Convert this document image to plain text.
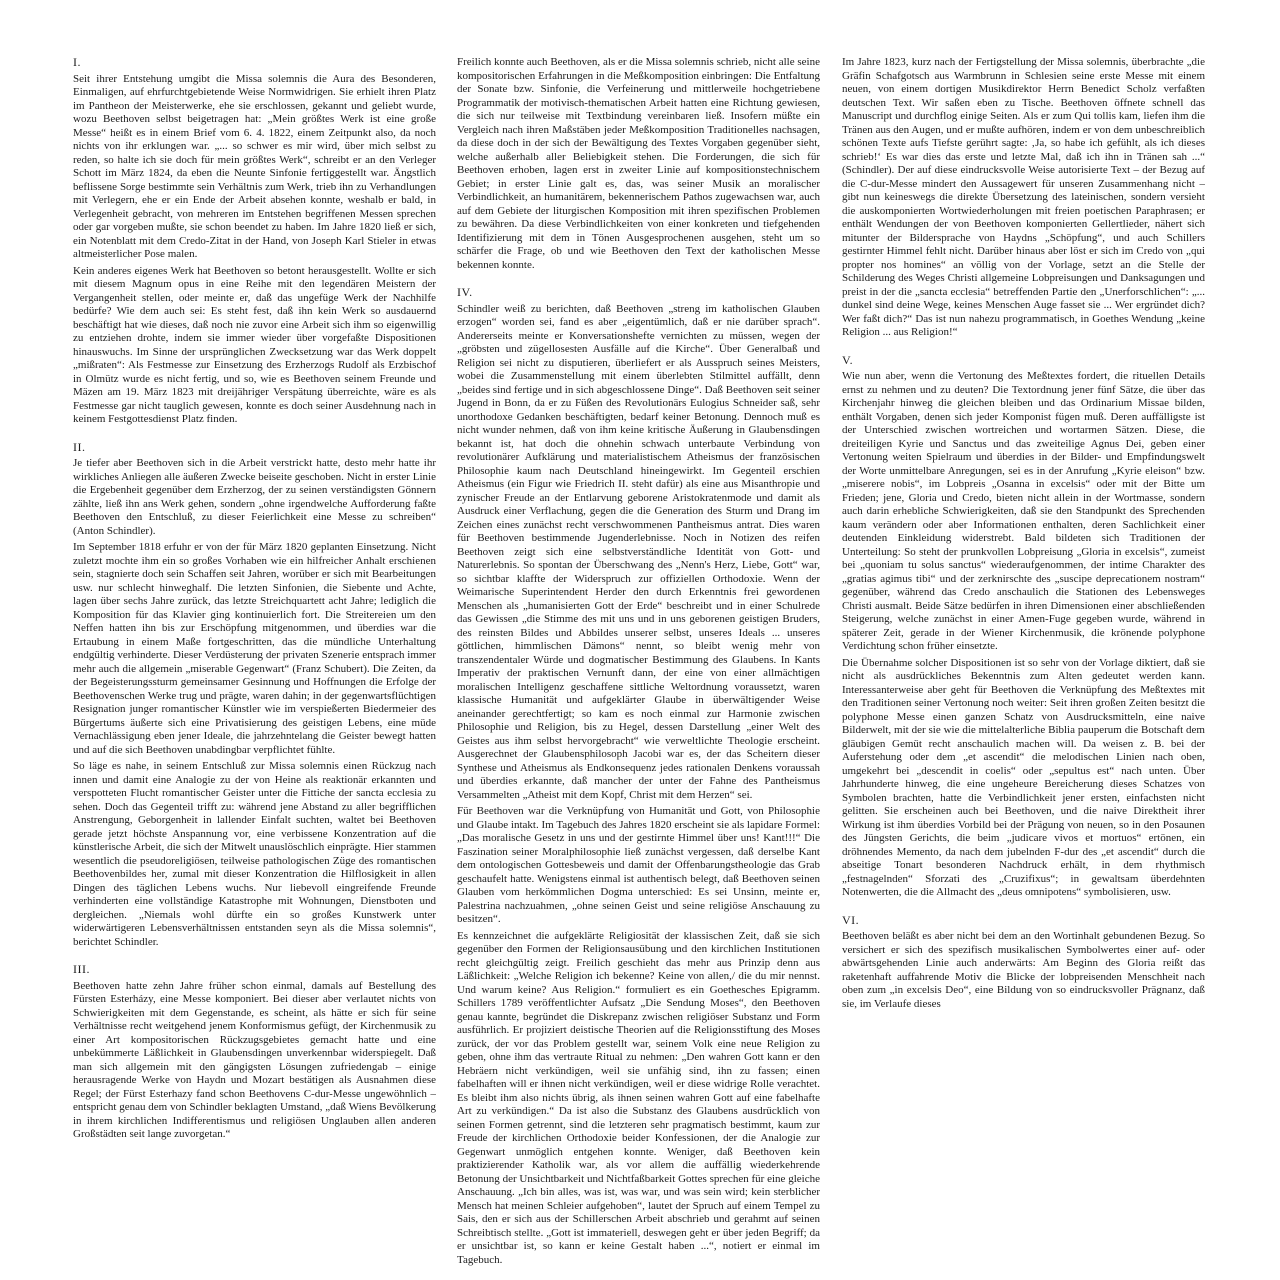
I.

Seit ihrer Entstehung umgibt die Missa solemnis die Aura des Besonderen, Einmaligen, auf ehrfurchtgebietende Weise Normwidrigen. Sie erhielt ihren Platz im Pantheon der Meisterwerke, ehe sie erschlossen, gekannt und geliebt wurde, wozu Beethoven selbst beigetragen hat: „Mein größtes Werk ist eine große Messe“ heißt es in einem Brief vom 6. 4. 1822, einem Zeitpunkt also, da noch nichts von ihr erklungen war. „... so schwer es mir wird, über mich selbst zu reden, so halte ich sie doch für mein größtes Werk“, schreibt er an den Verleger Schott im März 1824, da eben die Neunte Sinfonie fertiggestellt war. Ängstlich beflissene Sorge bestimmte sein Verhältnis zum Werk, trieb ihn zu Verhandlungen mit Verlegern, ehe er ein Ende der Arbeit absehen konnte, weshalb er bald, in Verlegenheit gebracht, von mehreren im Entstehen begriffenen Messen sprechen oder gar vorgeben mußte, sie schon beendet zu haben. Im Jahre 1820 ließ er sich, ein Notenblatt mit dem Credo-Zitat in der Hand, von Joseph Karl Stieler in etwas altmeisterlicher Pose malen.

Kein anderes eigenes Werk hat Beethoven so betont herausgestellt. Wollte er sich mit diesem Magnum opus in eine Reihe mit den legendären Meistern der Vergangenheit stellen, oder meinte er, daß das ungefüge Werk der Nachhilfe bedürfe? Wie dem auch sei: Es steht fest, daß ihn kein Werk so ausdauernd beschäftigt hat wie dieses, daß noch nie zuvor eine Arbeit sich ihm so eigenwillig zu entziehen drohte, indem sie immer wieder über vorgefaßte Dispositionen hinauswuchs. Im Sinne der ursprünglichen Zwecksetzung war das Werk doppelt „mißraten“: Als Festmesse zur Einsetzung des Erzherzogs Rudolf als Erzbischof in Olmütz wurde es nicht fertig, und so, wie es Beethoven seinem Freunde und Mäzen am 19. März 1823 mit dreijähriger Verspätung überreichte, wäre es als Festmesse gar nicht tauglich gewesen, konnte es doch seiner Ausdehnung nach in keinem Festgottesdienst Platz finden.

II.

Je tiefer aber Beethoven sich in die Arbeit verstrickt hatte, desto mehr hatte ihr wirkliches Anliegen alle äußeren Zwecke beiseite geschoben. Nicht in erster Linie die Ergebenheit gegenüber dem Erzherzog, der zu seinen verständigsten Gönnern zählte, ließ ihn ans Werk gehen, sondern „ohne irgendwelche Aufforderung faßte Beethoven den Entschluß, zu dieser Feierlichkeit eine Messe zu schreiben“ (Anton Schindler).

Im September 1818 erfuhr er von der für März 1820 geplanten Einsetzung. Nicht zuletzt mochte ihm ein so großes Vorhaben wie ein hilfreicher Anhalt erschienen sein, stagnierte doch sein Schaffen seit Jahren, worüber er sich mit Bearbeitungen usw. nur schlecht hinweghalf. Die letzten Sinfonien, die Siebente und Achte, lagen über sechs Jahre zurück, das letzte Streichquartett acht Jahre; lediglich die Komposition für das Klavier ging kontinuierlich fort. Die Streitereien um den Neffen hatten ihn bis zur Erschöpfung mitgenommen, und überdies war die Ertaubung in einem Maße fortgeschritten, das die mündliche Unterhaltung endgültig verhinderte. Dieser Verdüsterung der privaten Szenerie entsprach immer mehr auch die allgemein „miserable Gegenwart“ (Franz Schubert). Die Zeiten, da der Begeisterungssturm gemeinsamer Gesinnung und Hoffnungen die Erfolge der Beethovenschen Werke trug und prägte, waren dahin; in der gegenwartsflüchtigen Resignation junger romantischer Künstler wie im verspießerten Biedermeier des Bürgertums äußerte sich eine Privatisierung des geistigen Lebens, eine müde Vernachlässigung eben jener Ideale, die jahrzehntelang die Geister bewegt hatten und auf die sich Beethoven unabdingbar verpflichtet fühlte.

So läge es nahe, in seinem Entschluß zur Missa solemnis einen Rückzug nach innen und damit eine Analogie zu der von Heine als reaktionär erkannten und verspotteten Flucht romantischer Geister unter die Fittiche der sancta ecclesia zu sehen. Doch das Gegenteil trifft zu: während jene Abstand zu aller begrifflichen Anstrengung, Geborgenheit in lallender Einfalt suchten, waltet bei Beethoven gerade jetzt höchste Anspannung vor, eine verbissene Konzentration auf die künstlerische Arbeit, die sich der Mitwelt unauslöschlich einprägte. Hier stammen wesentlich die pseudoreligiösen, teilweise pathologischen Züge des romantischen Beethovenbildes her, zumal mit dieser Konzentration die Hilflosigkeit in allen Dingen des täglichen Lebens wuchs. Nur liebevoll eingreifende Freunde verhinderten eine vollständige Katastrophe mit Wohnungen, Dienstboten und dergleichen. „Niemals wohl dürfte ein so großes Kunstwerk unter widerwärtigeren Lebensverhältnissen entstanden seyn als die Missa solemnis“, berichtet Schindler.

III.

Beethoven hatte zehn Jahre früher schon einmal, damals auf Bestellung des Fürsten Esterházy, eine Messe komponiert. Bei dieser aber verlautet nichts von Schwierigkeiten mit dem Gegenstande, es scheint, als hätte er sich für seine Verhältnisse recht weitgehend jenem Konformismus gefügt, der Kirchenmusik zu einer Art kompositorischen Rückzugsgebietes gemacht hatte und eine unbekümmerte Läßlichkeit in Glaubensdingen unverkennbar widerspiegelt. Daß man sich allgemein mit den gängigsten Lösungen zufriedengab – einige herausragende Werke von Haydn und Mozart bestätigen als Ausnahmen diese Regel; der Fürst Esterhazy fand schon Beethovens C-dur-Messe ungewöhnlich – entspricht genau dem von Schindler beklagten Umstand, „daß Wiens Bevölkerung in ihrem kirchlichen Indifferentismus und religiösen Unglauben allen anderen Großstädten seit lange zuvorgetan.“

Freilich konnte auch Beethoven, als er die Missa solemnis schrieb, nicht alle seine kompositorischen Erfahrungen in die Meßkomposition einbringen: Die Entfaltung der Sonate bzw. Sinfonie, die Verfeinerung und mittlerweile hochgetriebene Programmatik der motivisch-thematischen Arbeit hatten eine Richtung gewiesen, die sich nur teilweise mit Textbindung vereinbaren ließ. Insofern müßte ein Vergleich nach ihren Maßstäben jeder Meßkomposition Traditionelles nachsagen, da diese doch in der sich der Bewältigung des Textes Vorgaben gegenüber sieht, welche außerhalb aller Beliebigkeit stehen. Die Forderungen, die sich für Beethoven erhoben, lagen erst in zweiter Linie auf kompositionstechnischem Gebiet; in erster Linie galt es, das, was seiner Musik an moralischer Verbindlichkeit, an humanitärem, bekennerischem Pathos zugewachsen war, auch auf dem Gebiete der liturgischen Komposition mit ihren spezifischen Problemen zu bewähren. Da diese Verbindlichkeiten von einer konkreten und tiefgehenden Identifizierung mit dem in Tönen Ausgesprochenen ausgehen, steht um so schärfer die Frage, ob und wie Beethoven den Text der katholischen Messe bekennen konnte.

IV.

Schindler weiß zu berichten, daß Beethoven „streng im katholischen Glauben erzogen“ worden sei, fand es aber „eigentümlich, daß er nie darüber sprach“. Andererseits meinte er Konversationshefte vernichten zu müssen, wegen der „gröbsten und zügellosesten Ausfälle auf die Kirche“. Über Generalbaß und Religion sei nicht zu disputieren, überliefert er als Ausspruch seines Meisters, wobei die Zusammenstellung mit einem überlebten Stilmittel auffällt, denn „beides sind fertige und in sich abgeschlossene Dinge“. Daß Beethoven seit seiner Jugend in Bonn, da er zu Füßen des Revolutionärs Eulogius Schneider saß, sehr unorthodoxe Gedanken beschäftigten, bedarf keiner Betonung. Dennoch muß es nicht wunder nehmen, daß von ihm keine kritische Äußerung in Glaubensdingen bekannt ist, hat doch die ohnehin schwach unterbaute Verbindung von revolutionärer Aufklärung und materialistischem Atheismus der französischen Philosophie kaum nach Deutschland hineingewirkt. Im Gegenteil erschien Atheismus (ein Figur wie Friedrich II. steht dafür) als eine aus Misanthropie und zynischer Freude an der Entlarvung geborene Aristokratenmode und damit als Ausdruck einer Verflachung, gegen die die Generation des Sturm und Drang im Zeichen eines zunächst recht verschwommenen Pantheismus antrat. Dies waren für Beethoven bestimmende Jugenderlebnisse. Noch in Notizen des reifen Beethoven zeigt sich eine selbstverständliche Identität von Gott- und Naturerlebnis. So spontan der Überschwang des „Nenn's Herz, Liebe, Gott“ war, so sichtbar klaffte der Widerspruch zur offiziellen Orthodoxie. Wenn der Weimarische Superintendent Herder den durch Erkenntnis frei gewordenen Menschen als „humanisierten Gott der Erde“ beschreibt und in einer Schulrede das Gewissen „die Stimme des mit uns und in uns geborenen geistigen Bruders, des reinsten Bildes und Abbildes unserer selbst, unseres Ideals ... unseres göttlichen, himmlischen Dämons“ nennt, so bleibt wenig mehr von transzendentaler Würde und dogmatischer Bestimmung des Glaubens. In Kants Imperativ der praktischen Vernunft dann, der eine von einer allmächtigen moralischen Intelligenz geschaffene sittliche Weltordnung voraussetzt, waren klassische Humanität und aufgeklärter Glaube in überwältigender Weise aneinander gerechtfertigt; so kam es noch einmal zur Harmonie zwischen Philosophie und Religion, bis zu Hegel, dessen Darstellung „einer Welt des Geistes aus ihm selbst hervorgebracht“ wie verweltlichte Theologie erscheint. Ausgerechnet der Glaubensphilosoph Jacobi war es, der das Scheitern dieser Synthese und Atheismus als Endkonsequenz jedes rationalen Denkens voraussah und überdies erkannte, daß mancher der unter der Fahne des Pantheismus Versammelten „Atheist mit dem Kopf, Christ mit dem Herzen“ sei.

Für Beethoven war die Verknüpfung von Humanität und Gott, von Philosophie und Glaube intakt. Im Tagebuch des Jahres 1820 erscheint sie als lapidare Formel: „Das moralische Gesetz in uns und der gestirnte Himmel über uns! Kant!!!“ Die Faszination seiner Moralphilosophie ließ zunächst vergessen, daß derselbe Kant dem ontologischen Gottesbeweis und damit der Offenbarungstheologie das Grab geschaufelt hatte. Wenigstens einmal ist authentisch belegt, daß Beethoven seinen Glauben vom herkömmlichen Dogma unterschied: Es sei Unsinn, meinte er, Palestrina nachzuahmen, „ohne seinen Geist und seine religiöse Anschauung zu besitzen“.

Es kennzeichnet die aufgeklärte Religiosität der klassischen Zeit, daß sie sich gegenüber den Formen der Religionsausübung und den kirchlichen Institutionen recht gleichgültig zeigt. Freilich geschieht das mehr aus Prinzip denn aus Läßlichkeit: „Welche Religion ich bekenne? Keine von allen,/ die du mir nennst. Und warum keine? Aus Religion.“ formuliert es ein Goethesches Epigramm. Schillers 1789 veröffentlichter Aufsatz „Die Sendung Moses“, den Beethoven genau kannte, begründet die Diskrepanz zwischen religiöser Substanz und Form ausführlich. Er projiziert deistische Theorien auf die Religionsstiftung des Moses zurück, der vor das Problem gestellt war, seinem Volk eine neue Religion zu geben, ohne ihm das vertraute Ritual zu nehmen: „Den wahren Gott kann er den Hebräern nicht verkündigen, weil sie unfähig sind, ihn zu fassen; einen fabelhaften will er ihnen nicht verkündigen, weil er diese widrige Rolle verachtet. Es bleibt ihm also nichts übrig, als ihnen seinen wahren Gott auf eine fabelhafte Art zu verkündigen.“ Da ist also die Substanz des Glaubens ausdrücklich von seinen Formen getrennt, sind die letzteren sehr pragmatisch bestimmt, kaum zur Freude der kirchlichen Orthodoxie beider Konfessionen, der die Analogie zur Gegenwart unmöglich entgehen konnte. Weniger, daß Beethoven kein praktizierender Katholik war, als vor allem die auffällig wiederkehrende Betonung der Unsichtbarkeit und Nichtfaßbarkeit Gottes sprechen für eine gleiche Anschauung. „Ich bin alles, was ist, was war, und was sein wird; kein sterblicher Mensch hat meinen Schleier aufgehoben“, lautet der Spruch auf einem Tempel zu Sais, den er sich aus der Schillerschen Arbeit abschrieb und gerahmt auf seinen Schreibtisch stellte. „Gott ist immateriell, deswegen geht er über jeden Begriff; da er unsichtbar ist, so kann er keine Gestalt haben ...“, notiert er einmal im Tagebuch.

Im Jahre 1823, kurz nach der Fertigstellung der Missa solemnis, überbrachte „die Gräfin Schafgotsch aus Warmbrunn in Schlesien seine erste Messe mit einem neuen, von einem dortigen Musikdirektor Herrn Benedict Scholz verfaßten deutschen Text. Wir saßen eben zu Tische. Beethoven öffnete schnell das Manuscript und durchflog einige Seiten. Als er zum Qui tollis kam, liefen ihm die Tränen aus den Augen, und er mußte aufhören, indem er von dem unbeschreiblich schönen Texte aufs Tiefste gerührt sagte: ‚Ja, so habe ich gefühlt, als ich dieses schrieb!‘ Es war dies das erste und letzte Mal, daß ich ihn in Tränen sah ...“ (Schindler). Der auf diese eindrucksvolle Weise autorisierte Text – der Bezug auf die C-dur-Messe mindert den Aussagewert für unseren Zusammenhang nicht – gibt nun keineswegs die direkte Übersetzung des lateinischen, sondern versieht die auskomponierten Wortwiederholungen mit freien poetischen Paraphrasen; er enthält Wendungen der von Beethoven komponierten Gellertlieder, nähert sich mitunter der Bildersprache von Haydns „Schöpfung“, und auch Schillers gestirnter Himmel fehlt nicht. Darüber hinaus aber löst er sich im Credo von „qui propter nos homines“ an völlig von der Vorlage, setzt an die Stelle der Schilderung des Weges Christi allgemeine Lobpreisungen und Danksagungen und preist in der die „sancta ecclesia“ betreffenden Partie den „Unerforschlichen“: „... dunkel sind deine Wege, keines Menschen Auge fasset sie ... Wer ergründet dich? Wer faßt dich?“ Das ist nun nahezu programmatisch, in Goethes Wendung „keine Religion ... aus Religion!“

V.

Wie nun aber, wenn die Vertonung des Meßtextes fordert, die rituellen Details ernst zu nehmen und zu deuten? Die Textordnung jener fünf Sätze, die über das Kirchenjahr hinweg die gleichen bleiben und das Ordinarium Missae bilden, enthält Vorgaben, denen sich jeder Komponist fügen muß. Deren auffälligste ist der Unterschied zwischen wortreichen und wortarmen Sätzen. Diese, die dreiteiligen Kyrie und Sanctus und das zweiteilige Agnus Dei, geben einer Vertonung weiten Spielraum und überdies in der Bilder- und Empfindungswelt der Worte unmittelbare Anregungen, sei es in der Anrufung „Kyrie eleison“ bzw. „miserere nobis“, im Lobpreis „Osanna in excelsis“ oder mit der Bitte um Frieden; jene, Gloria und Credo, bieten nicht allein in der Wortmasse, sondern auch darin erhebliche Schwierigkeiten, daß sie den Standpunkt des Sprechenden kaum verändern oder aber Informationen enthalten, deren Sachlichkeit einer deutenden Einkleidung widerstrebt. Bald bildeten sich Traditionen der Unterteilung: So steht der prunkvollen Lobpreisung „Gloria in excelsis“, zumeist bei „quoniam tu solus sanctus“ wiederaufgenommen, der intime Charakter des „gratias agimus tibi“ und der zerknirschte des „suscipe deprecationem nostram“ gegenüber, während das Credo anschaulich die Stationen des Lebensweges Christi ausmalt. Beide Sätze bedürfen in ihren Dimensionen einer abschließenden Steigerung, welche zunächst in einer Amen-Fuge gegeben wurde, während in späterer Zeit, gerade in der Wiener Kirchenmusik, die krönende polyphone Verdichtung schon früher einsetzte.

Die Übernahme solcher Dispositionen ist so sehr von der Vorlage diktiert, daß sie nicht als ausdrückliches Bekenntnis zum Alten gedeutet werden kann. Interessanterweise aber geht für Beethoven die Verknüpfung des Meßtextes mit den Traditionen seiner Vertonung noch weiter: Seit ihren großen Zeiten besitzt die polyphone Messe einen ganzen Schatz von Ausdrucksmitteln, eine naive Bilderwelt, mit der sie wie die mittelalterliche Biblia pauperum die Botschaft dem gläubigen Gemüt recht anschaulich machen will. Da weisen z. B. bei der Auferstehung oder dem „et ascendit“ die melodischen Linien nach oben, umgekehrt bei „descendit in coelis“ oder „sepultus est“ nach unten. Über Jahrhunderte hinweg, die eine ungeheure Bereicherung dieses Schatzes von Symbolen brachten, hatte die Verbindlichkeit jener ersten, einfachsten nicht gelitten. Sie erscheinen auch bei Beethoven, und die naive Direktheit ihrer Wirkung ist ihm überdies Vorbild bei der Prägung von neuen, so in den Posaunen des Jüngsten Gerichts, die beim „judicare vivos et mortuos“ ertönen, ein dröhnendes Memento, da nach dem jubelnden F-dur des „et ascendit“ durch die abseitige Tonart besonderen Nachdruck erhält, in dem rhythmisch „festnagelnden“ Sforzati des „Cruzifixus“; in gewaltsam überdehnten Notenwerten, die die Allmacht des „deus omnipotens“ symbolisieren, usw.

VI.

Beethoven beläßt es aber nicht bei dem an den Wortinhalt gebundenen Bezug. So versichert er sich des spezifisch musikalischen Symbolwertes einer auf- oder abwärtsgehenden Linie auch anderwärts: Am Beginn des Gloria reißt das raketenhaft auffahrende Motiv die Blicke der lobpreisenden Menschheit nach oben zum „in excelsis Deo“, eine Bildung von so eindrucksvoller Prägnanz, daß sie, im Verlaufe dieses
